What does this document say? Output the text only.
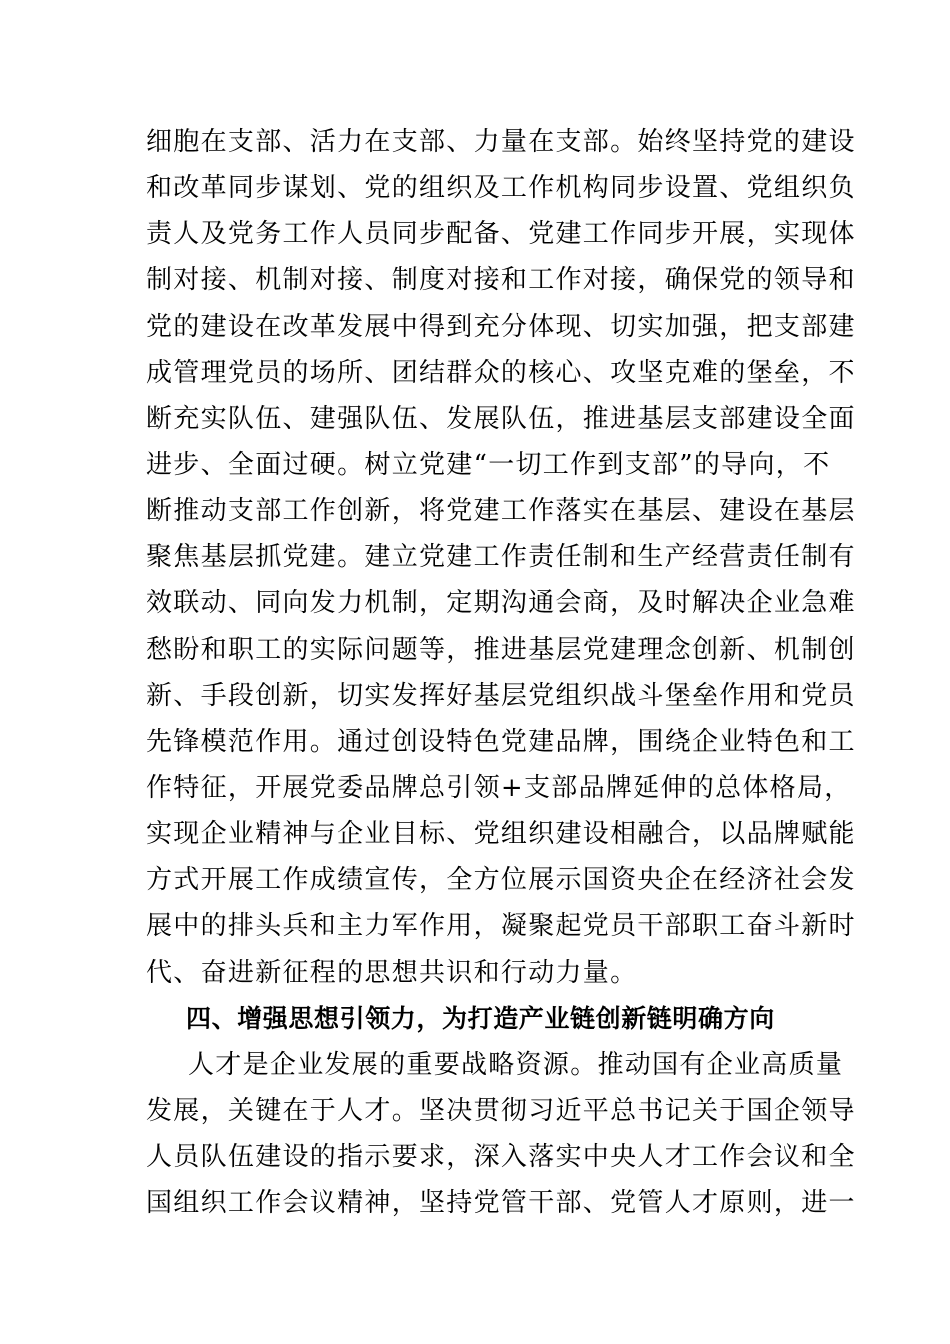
细胞在支部、活力在支部、力量在支部。始终坚持党的建设
和改革同步谋划、党的组织及工作机构同步设置、党组织负
责人及党务工作人员同步配备、党建工作同步开展，实现体
制对接、机制对接、制度对接和工作对接，确保党的领导和
党的建设在改革发展中得到充分体现、切实加强，把支部建
成管理党员的场所、团结群众的核心、攻坚克难的堡垒，不
断充实队伍、建强队伍、发展队伍，推进基层支部建设全面
进步、全面过硬。树立党建“一切工作到支部”的导向，不
断推动支部工作创新，将党建工作落实在基层、建设在基层
聚焦基层抓党建。建立党建工作责任制和生产经营责任制有
效联动、同向发力机制，定期沟通会商，及时解决企业急难
愁盼和职工的实际问题等，推进基层党建理念创新、机制创
新、手段创新，切实发挥好基层党组织战斗堡垒作用和党员
先锋模范作用。通过创设特色党建品牌，围绕企业特色和工
作特征，开展党委品牌总引领+支部品牌延伸的总体格局，
实现企业精神与企业目标、党组织建设相融合，以品牌赋能
方式开展工作成绩宣传，全方位展示国资央企在经济社会发
展中的排头兵和主力军作用，凝聚起党员干部职工奋斗新时
代、奋进新征程的思想共识和行动力量。
四、增强思想引领力，为打造产业链创新链明确方向
人才是企业发展的重要战略资源。推动国有企业高质量
发展，关键在于人才。坚决贯彻习近平总书记关于国企领导
人员队伍建设的指示要求，深入落实中央人才工作会议和全
国组织工作会议精神，坚持党管干部、党管人才原则，进一
